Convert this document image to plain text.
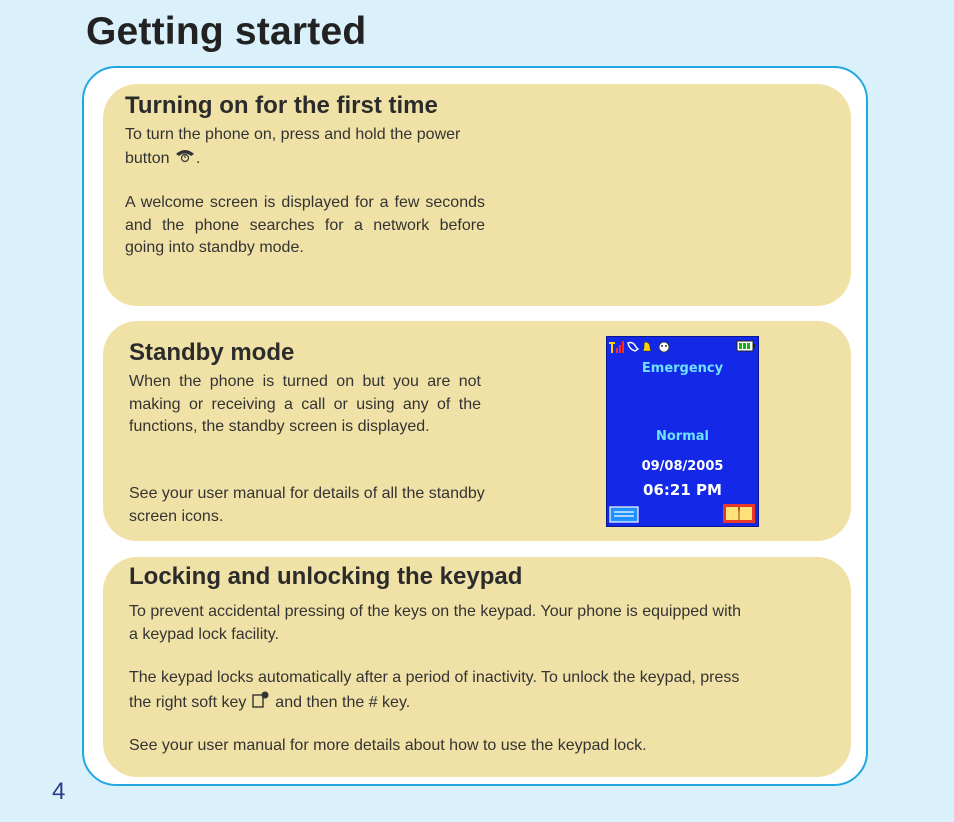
Getting started
Turning on for the first time

To turn the phone on, press and hold the power button .

A welcome screen is displayed for a few seconds and the phone searches for a network before going into standby mode.

Standby mode

When the phone is turned on but you are not making or receiving a call or using any of the functions, the standby screen is displayed.

See your user manual for details of all the standby screen icons.

Emergency
Normal
09/08/2005
06:21 PM
Locking and unlocking the keypad

To prevent accidental pressing of the keys on the keypad. Your phone is equipped with a keypad lock facility.

The keypad locks automatically after a period of inactivity. To unlock the keypad, press the right soft key and then the # key.

See your user manual for more details about how to use the keypad lock.

4
